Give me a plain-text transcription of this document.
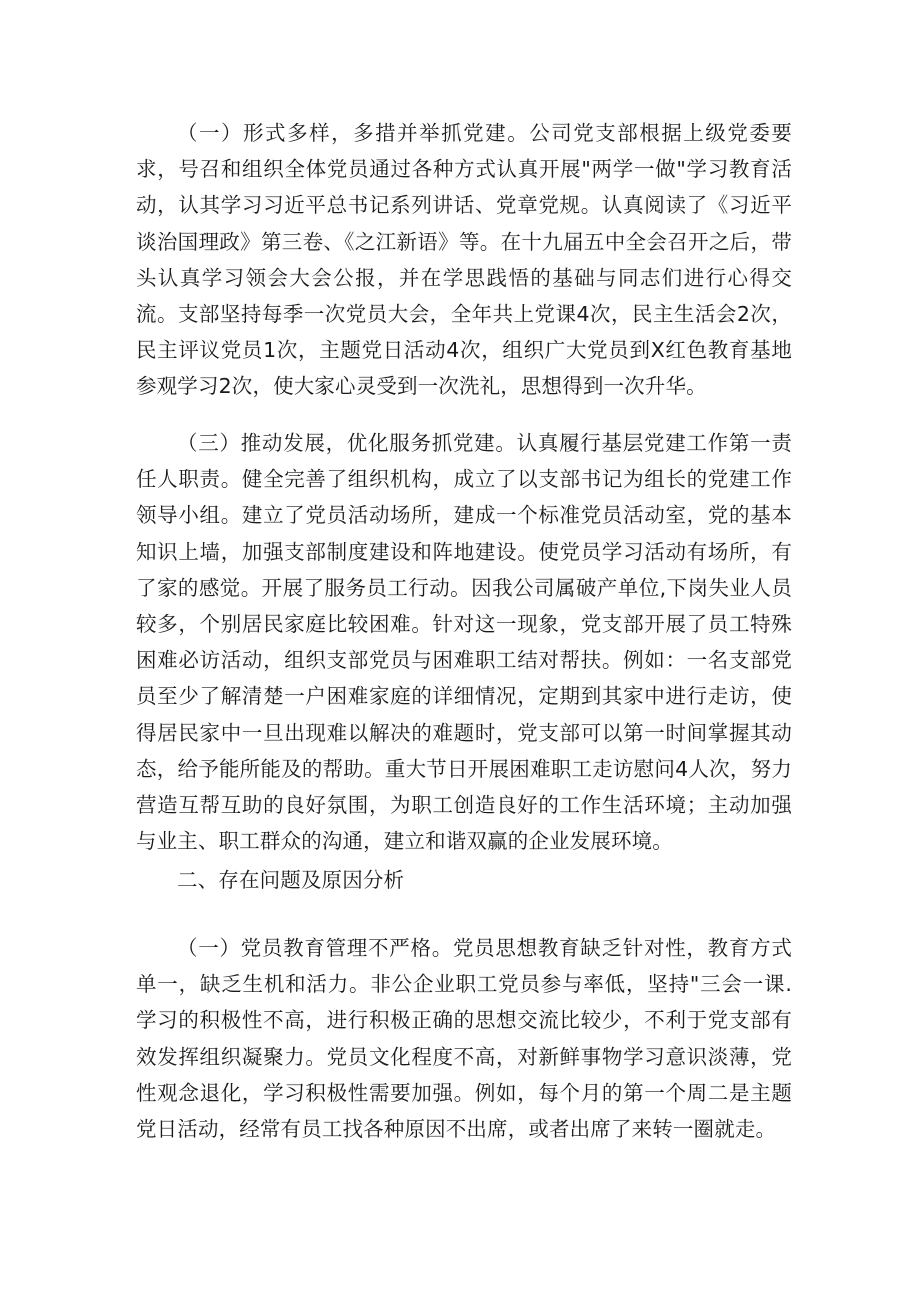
（一）形式多样，多措并举抓党建。公司党支部根据上级党委要求，号召和组织全体党员通过各种方式认真开展"两学一做"学习教育活动，认其学习习近平总书记系列讲话、党章党规。认真阅读了《习近平谈治国理政》第三卷、《之江新语》等。在十九届五中全会召开之后，带头认真学习领会大会公报，并在学思践悟的基础与同志们进行心得交流。支部坚持每季一次党员大会，全年共上党课4次，民主生活会2次，民主评议党员1次，主题党日活动4次，组织广大党员到X红色教育基地参观学习2次，使大家心灵受到一次洗礼，思想得到一次升华。

（三）推动发展，优化服务抓党建。认真履行基层党建工作第一责任人职责。健全完善了组织机构，成立了以支部书记为组长的党建工作领导小组。建立了党员活动场所，建成一个标准党员活动室，党的基本知识上墙，加强支部制度建设和阵地建设。使党员学习活动有场所，有了家的感觉。开展了服务员工行动。因我公司属破产单位,下岗失业人员较多，个别居民家庭比较困难。针对这一现象，党支部开展了员工特殊困难必访活动，组织支部党员与困难职工结对帮扶。例如：一名支部党员至少了解清楚一户困难家庭的详细情况，定期到其家中进行走访，使得居民家中一旦出现难以解决的难题时，党支部可以第一时间掌握其动态，给予能所能及的帮助。重大节日开展困难职工走访慰问4人次，努力营造互帮互助的良好氛围，为职工创造良好的工作生活环境；主动加强与业主、职工群众的沟通，建立和谐双赢的企业发展环境。

二、存在问题及原因分析

（一）党员教育管理不严格。党员思想教育缺乏针对性，教育方式单一，缺乏生机和活力。非公企业职工党员参与率低，坚持"三会一课.学习的积极性不高，进行积极正确的思想交流比较少，不利于党支部有效发挥组织凝聚力。党员文化程度不高，对新鲜事物学习意识淡薄，党性观念退化，学习积极性需要加强。例如，每个月的第一个周二是主题党日活动，经常有员工找各种原因不出席，或者出席了来转一圈就走。
